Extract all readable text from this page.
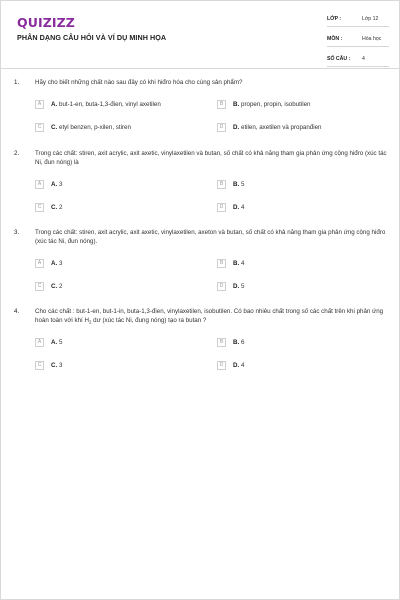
QUIZIZZ
PHÂN DẠNG CÂU HỎI VÀ VÍ DỤ MINH HỌA
LỚP :	Lớp 12
MÔN :	Hóa học
SỐ CÂU : 4
1.	Hãy cho biết những chất nào sau đây có khi hiđro hóa cho cùng sản phẩm?
A	A. but-1-en, buta-1,3-đien, vinyl axetilen	B	B. propen, propin, isobutilen
C	C. etyl benzen, p-xilen, stiren	D	D. etilen, axetilen và propanđien
2.	Trong các chất: stiren, axit acrylic, axit axetic, vinylaxetilen và butan, số chất có khả năng tham gia phản ứng cộng hiđro (xúc tác Ni, đun nóng) là
A	A. 3	B	B. 5
C	C. 2	D	D. 4
3.	Trong các chất: stiren, axit acrylic, axit axetic, vinylaxetilen, axeton và butan, số chất có khả năng tham gia phản ứng cộng hiđro (xúc tác Ni, đun nóng).
A	A. 3	B	B. 4
C	C. 2	D	D. 5
4.	Cho các chất : but-1-en, but-1-in, buta-1,3-đien, vinylaxetilen, isobutilen. Có bao nhiêu chất trong số các chất trên khi phản ứng hoàn toàn với khí $H_2$ dư (xúc tác Ni, đung nóng) tạo ra butan ?
A	A. 5	B	B. 6
C	C. 3	D	D. 4
